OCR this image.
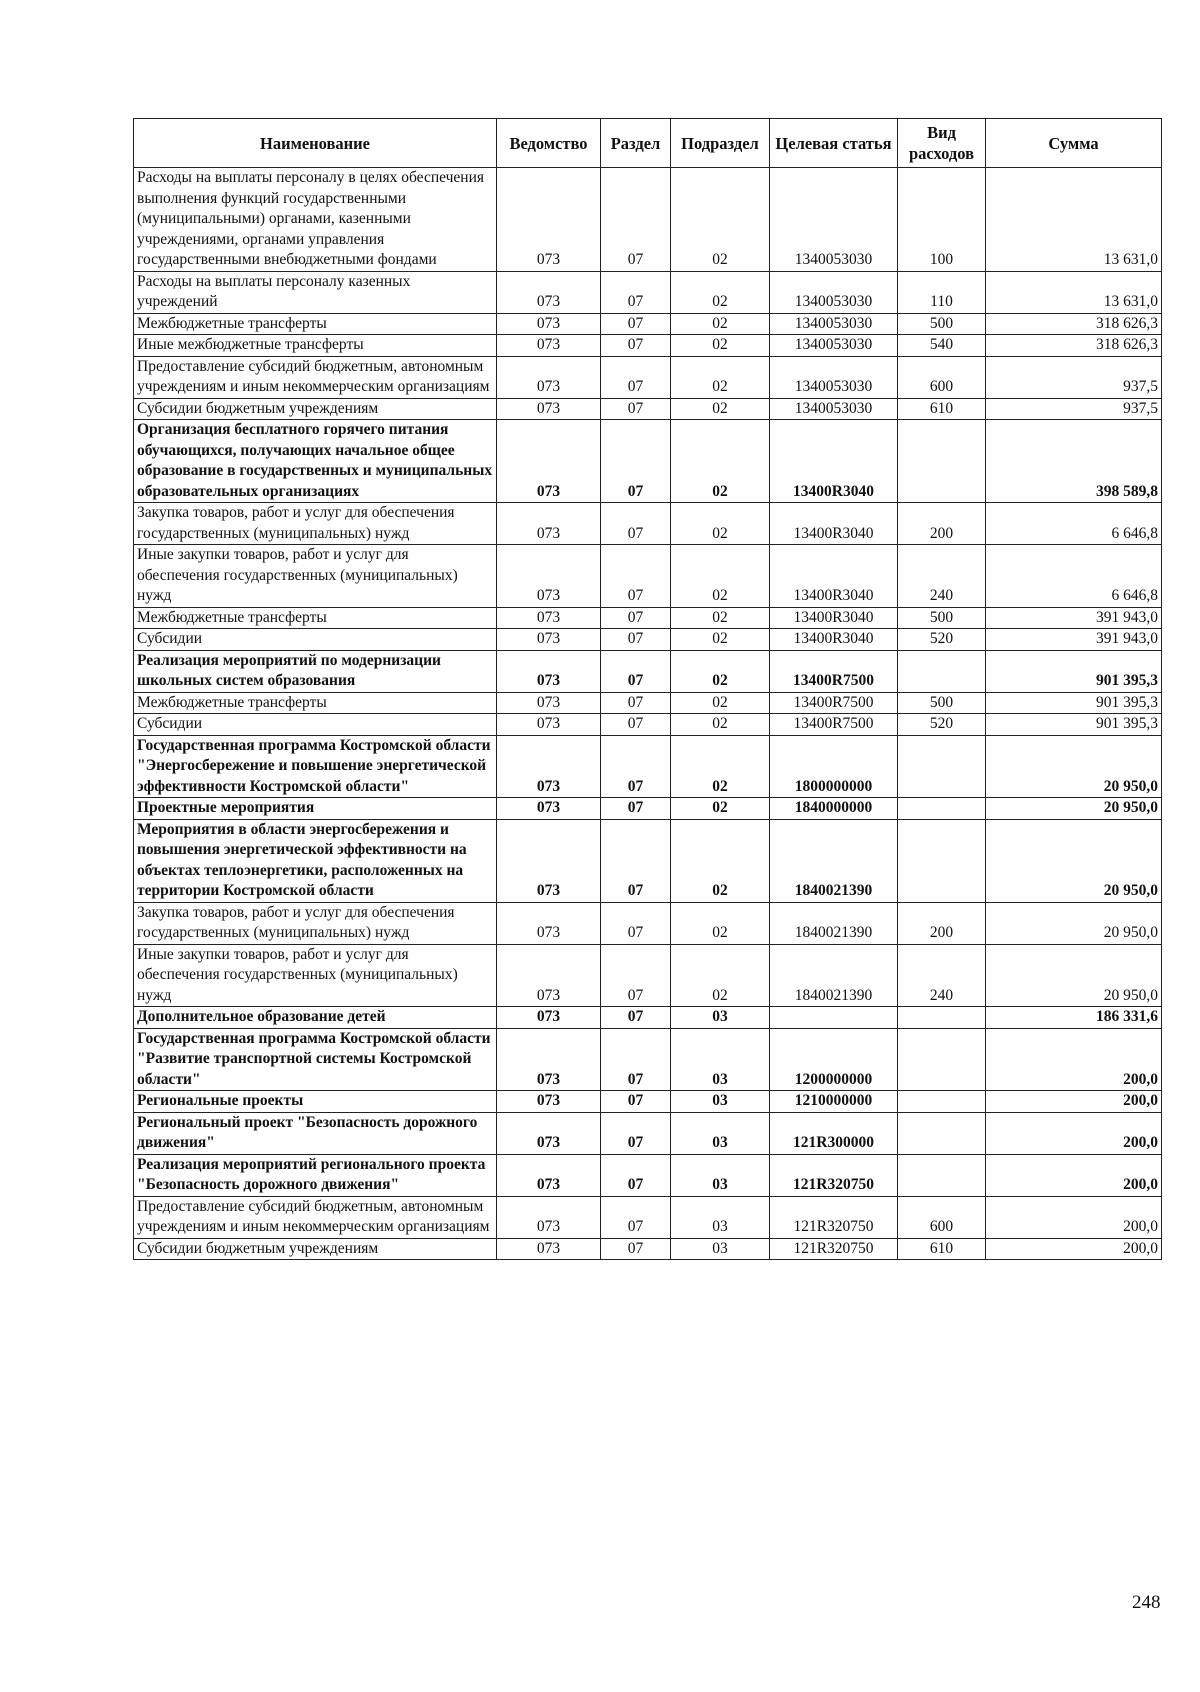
Наименование	Ведомство	Раздел	Подраздел	Целевая статья	Вид расходов	Сумма
Расходы на выплаты персоналу в целях обеспечения выполнения функций государственными (муниципальными) органами, казенными учреждениями, органами управления государственными внебюджетными фондами	073	07	02	1340053030	100	13 631,0
Расходы на выплаты персоналу казенных учреждений	073	07	02	1340053030	110	13 631,0
Межбюджетные трансферты	073	07	02	1340053030	500	318 626,3
Иные межбюджетные трансферты	073	07	02	1340053030	540	318 626,3
Предоставление субсидий бюджетным, автономным учреждениям и иным некоммерческим организациям	073	07	02	1340053030	600	937,5
Субсидии бюджетным учреждениям	073	07	02	1340053030	610	937,5
Организация бесплатного горячего питания обучающихся, получающих начальное общее образование в государственных и муниципальных образовательных организациях	073	07	02	13400R3040		398 589,8
Закупка товаров, работ и услуг для обеспечения государственных (муниципальных) нужд	073	07	02	13400R3040	200	6 646,8
Иные закупки товаров, работ и услуг для обеспечения государственных (муниципальных) нужд	073	07	02	13400R3040	240	6 646,8
Межбюджетные трансферты	073	07	02	13400R3040	500	391 943,0
Субсидии	073	07	02	13400R3040	520	391 943,0
Реализация мероприятий по модернизации школьных систем образования	073	07	02	13400R7500		901 395,3
Межбюджетные трансферты	073	07	02	13400R7500	500	901 395,3
Субсидии	073	07	02	13400R7500	520	901 395,3
Государственная программа Костромской области "Энергосбережение и повышение энергетической эффективности Костромской области"	073	07	02	1800000000		20 950,0
Проектные мероприятия	073	07	02	1840000000		20 950,0
Мероприятия в области энергосбережения и повышения энергетической эффективности на объектах теплоэнергетики, расположенных на территории Костромской области	073	07	02	1840021390		20 950,0
Закупка товаров, работ и услуг для обеспечения государственных (муниципальных) нужд	073	07	02	1840021390	200	20 950,0
Иные закупки товаров, работ и услуг для обеспечения государственных (муниципальных) нужд	073	07	02	1840021390	240	20 950,0
Дополнительное образование детей	073	07	03			186 331,6
Государственная программа Костромской области "Развитие транспортной системы Костромской области"	073	07	03	1200000000		200,0
Региональные проекты	073	07	03	1210000000		200,0
Региональный проект "Безопасность дорожного движения"	073	07	03	121R300000		200,0
Реализация мероприятий регионального проекта "Безопасность дорожного движения"	073	07	03	121R320750		200,0
Предоставление субсидий бюджетным, автономным учреждениям и иным некоммерческим организациям	073	07	03	121R320750	600	200,0
Субсидии бюджетным учреждениям	073	07	03	121R320750	610	200,0
248
